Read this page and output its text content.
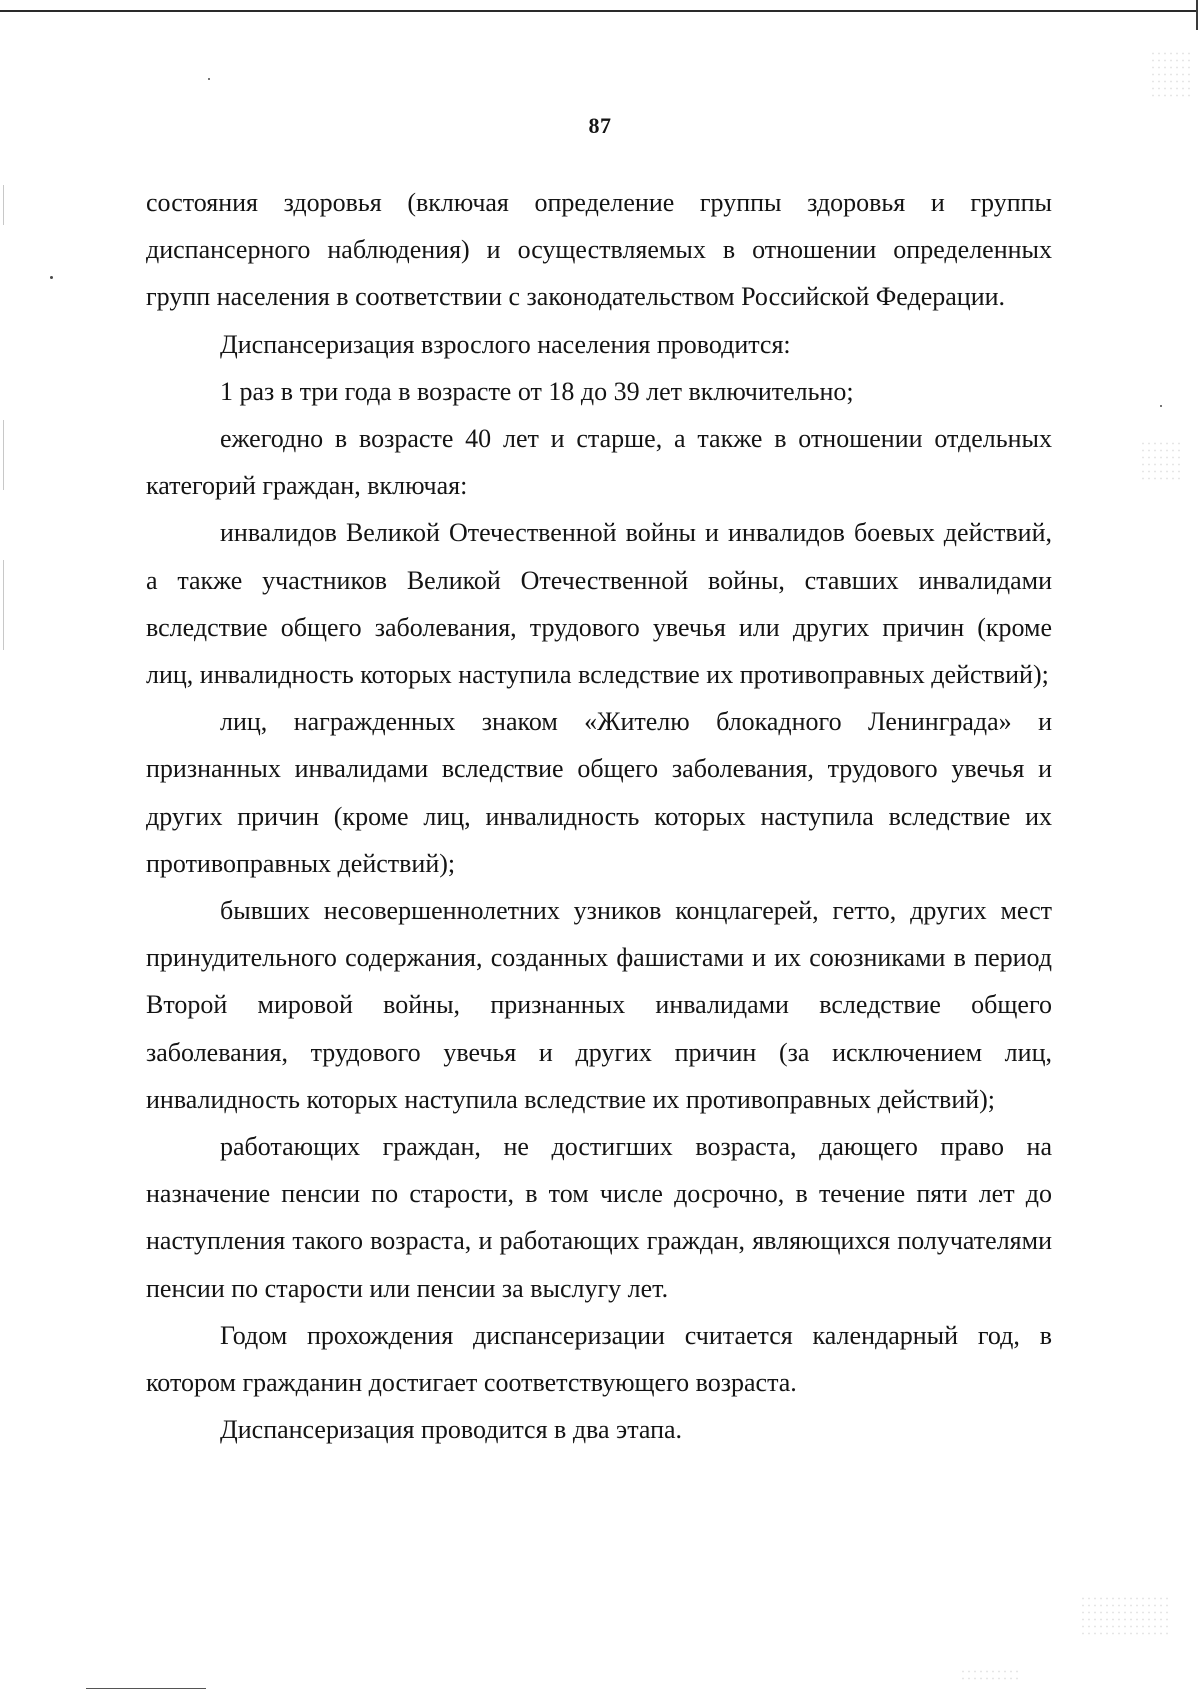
87

состояния здоровья (включая определение группы здоровья и группы диспансерного наблюдения) и осуществляемых в отношении определенных групп населения в соответствии с законодательством Российской Федерации.

Диспансеризация взрослого населения проводится:

1 раз в три года в возрасте от 18 до 39 лет включительно;

ежегодно в возрасте 40 лет и старше, а также в отношении отдельных категорий граждан, включая:

инвалидов Великой Отечественной войны и инвалидов боевых действий, а также участников Великой Отечественной войны, ставших инвалидами вследствие общего заболевания, трудового увечья или других причин (кроме лиц, инвалидность которых наступила вследствие их противоправных действий);

лиц, награжденных знаком «Жителю блокадного Ленинграда» и признанных инвалидами вследствие общего заболевания, трудового увечья и других причин (кроме лиц, инвалидность которых наступила вследствие их противоправных действий);

бывших несовершеннолетних узников концлагерей, гетто, других мест принудительного содержания, созданных фашистами и их союзниками в период Второй мировой войны, признанных инвалидами вследствие общего заболевания, трудового увечья и других причин (за исключением лиц, инвалидность которых наступила вследствие их противоправных действий);

работающих граждан, не достигших возраста, дающего право на назначение пенсии по старости, в том числе досрочно, в течение пяти лет до наступления такого возраста, и работающих граждан, являющихся получателями пенсии по старости или пенсии за выслугу лет.

Годом прохождения диспансеризации считается календарный год, в котором гражданин достигает соответствующего возраста.

Диспансеризация проводится в два этапа.
